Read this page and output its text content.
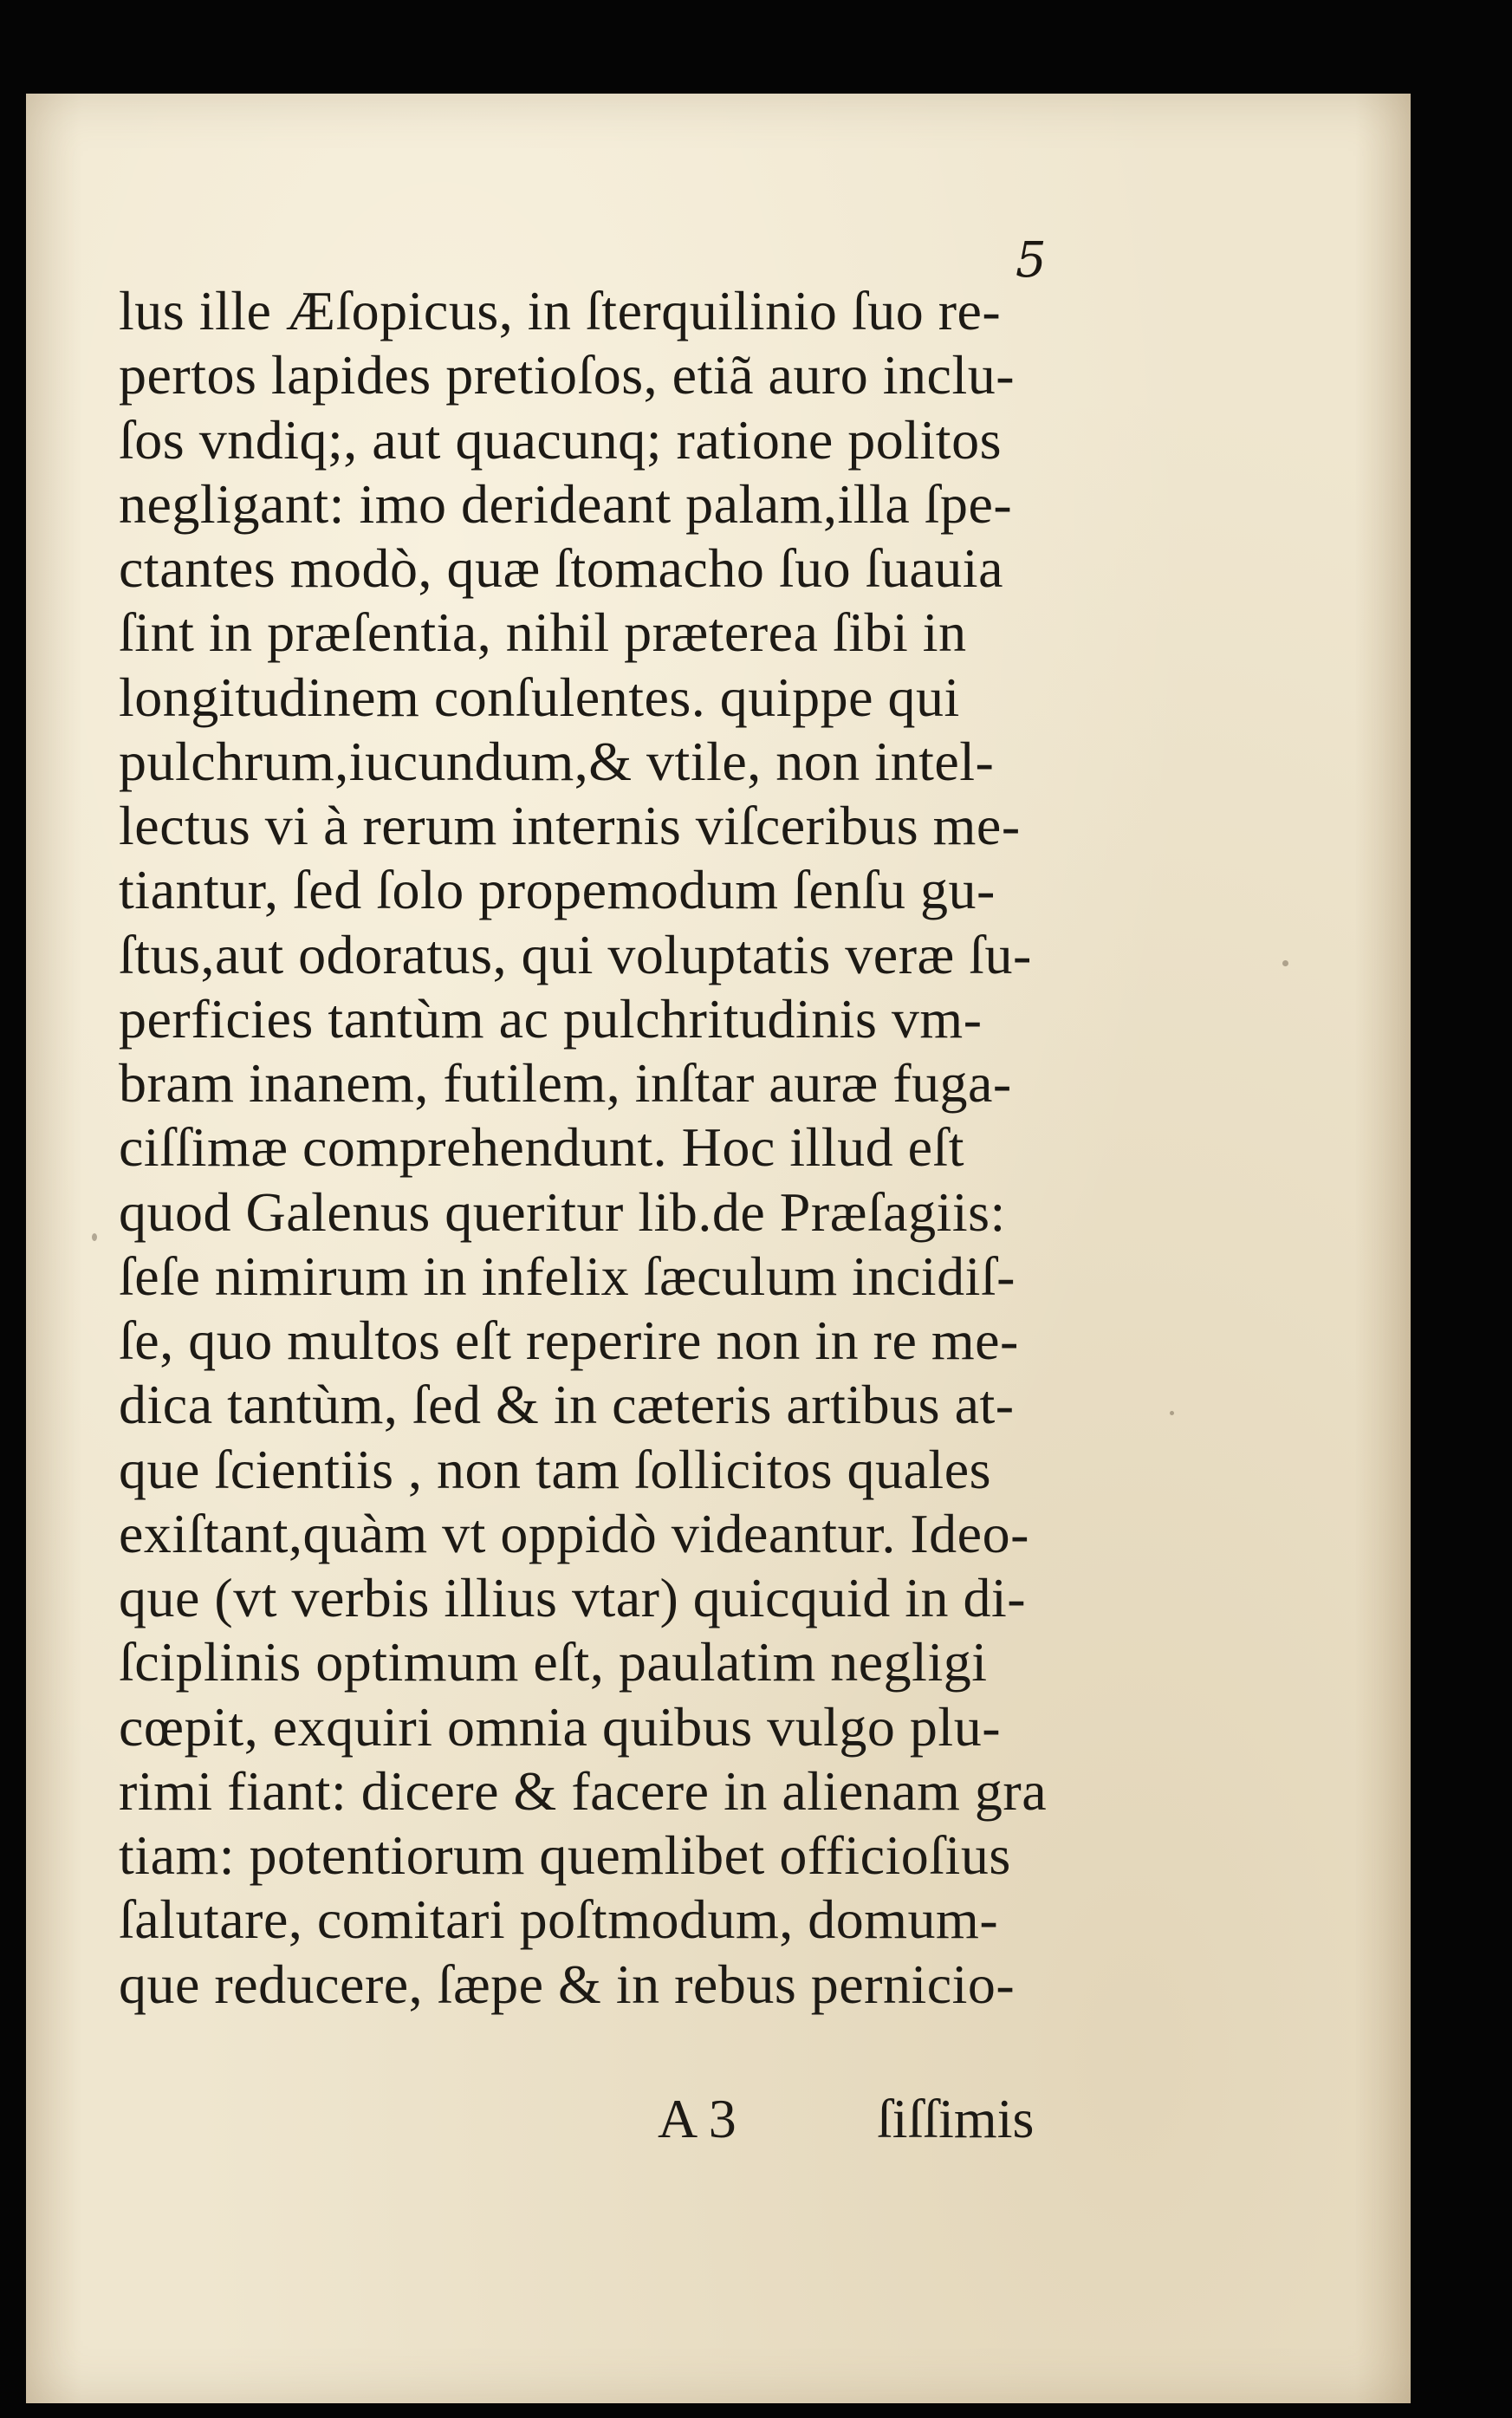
5
lus ille Æſopicus, in ſterquilinio ſuo re-
pertos lapides pretioſos, etiã auro inclu-
ſos vndiq;, aut quacunq; ratione politos
negligant: imo derideant palam,illa ſpe-
ctantes modò, quæ ſtomacho ſuo ſuauia
ſint in præſentia, nihil præterea ſibi in
longitudinem conſulentes. quippe qui
pulchrum,iucundum,& vtile, non intel-
lectus vi à rerum internis viſceribus me-
tiantur, ſed ſolo propemodum ſenſu gu-
ſtus,aut odoratus, qui voluptatis veræ ſu-
perficies tantùm ac pulchritudinis vm-
bram inanem, futilem, inſtar auræ fuga-
ciſſimæ comprehendunt. Hoc illud eſt
quod Galenus queritur lib.de Præſagiis:
ſeſe nimirum in infelix ſæculum incidiſ-
ſe, quo multos eſt reperire non in re me-
dica tantùm, ſed & in cæteris artibus at-
que ſcientiis , non tam ſollicitos quales
exiſtant,quàm vt oppidò videantur. Ideo-
que (vt verbis illius vtar) quicquid in di-
ſciplinis optimum eſt, paulatim negligi
cœpit, exquiri omnia quibus vulgo plu-
rimi fiant: dicere & facere in alienam gra
tiam: potentiorum quemlibet officioſius
ſalutare, comitari poſtmodum, domum-
que reducere, ſæpe & in rebus pernicio-
A 3	ſiſſimis
